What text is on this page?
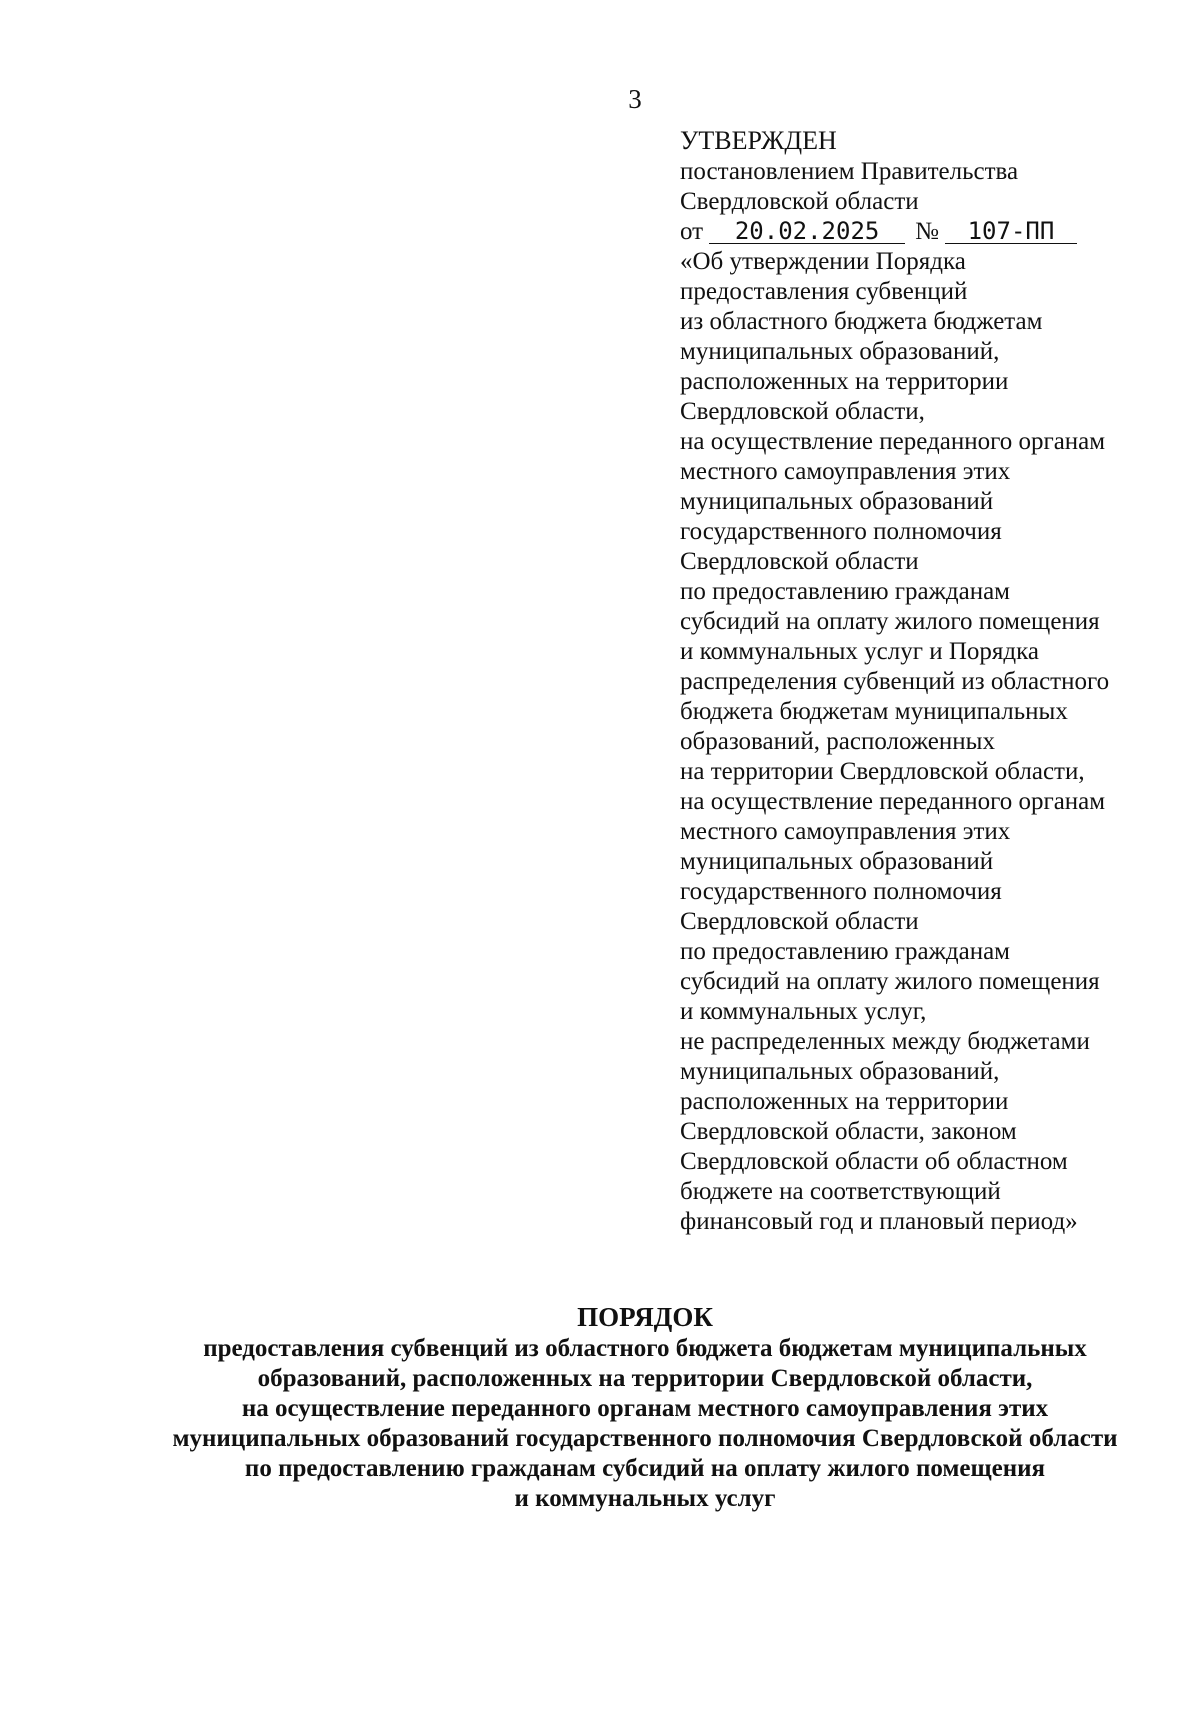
3
УТВЕРЖДЕН
постановлением Правительства
Свердловской области
от 20.02.2025 № 107-ПП
«Об утверждении Порядка
предоставления субвенций
из областного бюджета бюджетам
муниципальных образований,
расположенных на территории
Свердловской области,
на осуществление переданного органам
местного самоуправления этих
муниципальных образований
государственного полномочия
Свердловской области
по предоставлению гражданам
субсидий на оплату жилого помещения
и коммунальных услуг и Порядка
распределения субвенций из областного
бюджета бюджетам муниципальных
образований, расположенных
на территории Свердловской области,
на осуществление переданного органам
местного самоуправления этих
муниципальных образований
государственного полномочия
Свердловской области
по предоставлению гражданам
субсидий на оплату жилого помещения
и коммунальных услуг,
не распределенных между бюджетами
муниципальных образований,
расположенных на территории
Свердловской области, законом
Свердловской области об областном
бюджете на соответствующий
финансовый год и плановый период»
ПОРЯДОК
предоставления субвенций из областного бюджета бюджетам муниципальных
образований, расположенных на территории Свердловской области,
на осуществление переданного органам местного самоуправления этих
муниципальных образований государственного полномочия Свердловской области
по предоставлению гражданам субсидий на оплату жилого помещения
и коммунальных услуг
